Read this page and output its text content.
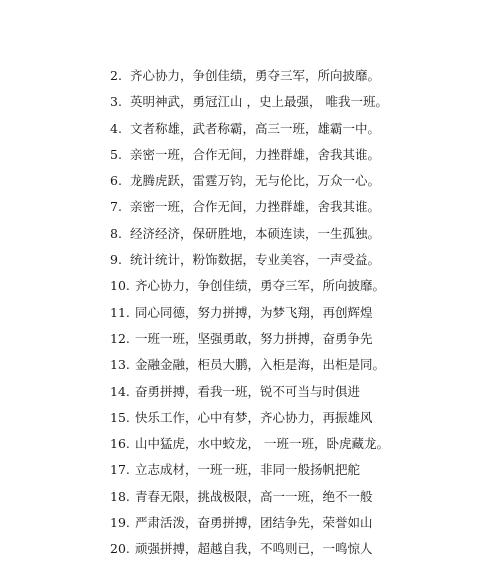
2. 齐心协力，争创佳绩，勇夺三军，所向披靡。
3. 英明神武，勇冠江山 ，史上最强， 唯我一班。
4. 文者称雄，武者称霸，高三一班，雄霸一中。
5. 亲密一班，合作无间，力挫群雄，舍我其谁。
6. 龙腾虎跃，雷霆万钧，无与伦比，万众一心。
7. 亲密一班，合作无间，力挫群雄，舍我其谁。
8. 经济经济，保研胜地，本硕连读，一生孤独。
9. 统计统计，粉饰数据，专业美容，一声受益。
10. 齐心协力，争创佳绩，勇夺三军，所向披靡。
11. 同心同德，努力拼搏，为梦飞翔，再创辉煌
12. 一班一班，坚强勇敢，努力拼搏，奋勇争先
13. 金融金融，柜员大鹏，入柜是海，出柜是同。
14. 奋勇拼搏，看我一班，锐不可当与时俱进
15. 快乐工作，心中有梦，齐心协力，再振雄风
16. 山中猛虎，水中蛟龙， 一班一班，卧虎藏龙。
17. 立志成材，一班一班，非同一般扬帆把舵
18. 青春无限，挑战极限，高一一班，绝不一般
19. 严肃活泼，奋勇拼搏，团结争先，荣誉如山
20. 顽强拼搏，超越自我，不鸣则已，一鸣惊人
